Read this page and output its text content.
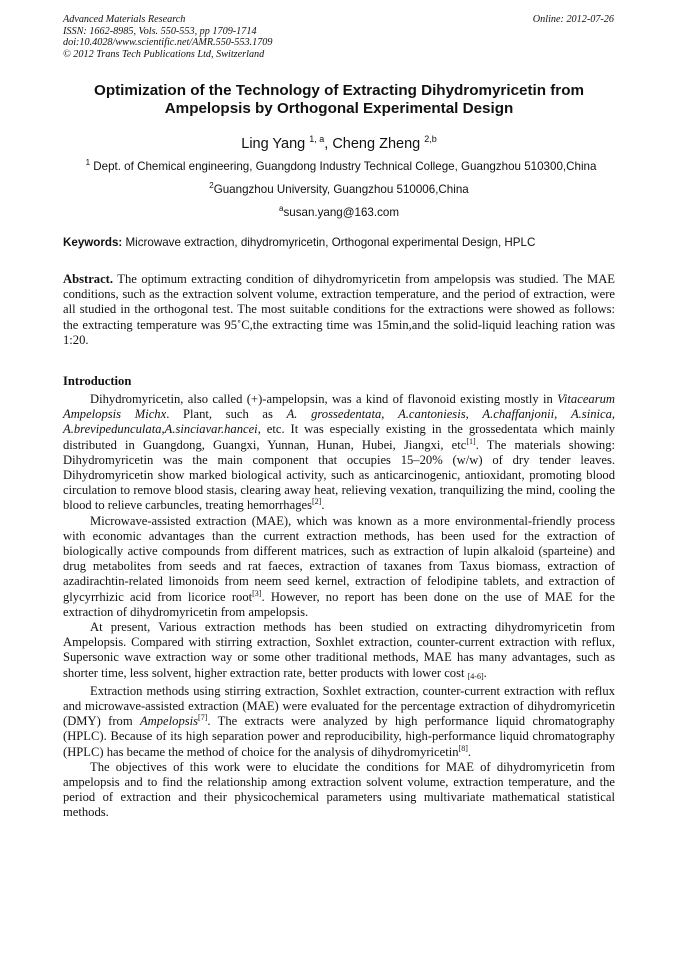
Advanced Materials Research
ISSN: 1662-8985, Vols. 550-553, pp 1709-1714
doi:10.4028/www.scientific.net/AMR.550-553.1709
© 2012 Trans Tech Publications Ltd, Switzerland
Online: 2012-07-26
Optimization of the Technology of Extracting Dihydromyricetin from
Ampelopsis by Orthogonal Experimental Design
Ling Yang $^{1, a}$, Cheng Zheng $^{2,b}$
$^1$ Dept. of Chemical engineering, Guangdong Industry Technical College, Guangzhou 510300,China
$^2$Guangzhou University, Guangzhou 510006,China
$^a$susan.yang@163.com
Keywords: Microwave extraction, dihydromyricetin, Orthogonal experimental Design, HPLC
Abstract. The optimum extracting condition of dihydromyricetin from ampelopsis was studied. The MAE conditions, such as the extraction solvent volume, extraction temperature, and the period of extraction, were all studied in the orthogonal test. The most suitable conditions for the extractions were showed as follows: the extracting temperature was 95˚C,the extracting time was 15min,and the solid-liquid leaching ration was 1:20.
Introduction

Dihydromyricetin, also called (+)-ampelopsin, was a kind of flavonoid existing mostly in Vitacearum Ampelopsis Michx. Plant, such as A. grossedentata, A.cantoniesis, A.chaffanjonii, A.sinica, A.brevipedunculata,A.sinciavar.hancei, etc. It was especially existing in the grossedentata which mainly distributed in Guangdong, Guangxi, Yunnan, Hunan, Hubei, Jiangxi, etc[1]. The materials showing: Dihydromyricetin was the main component that occupies 15–20% (w/w) of dry tender leaves. Dihydromyricetin show marked biological activity, such as anticarcinogenic, antioxidant, promoting blood circulation to remove blood stasis, clearing away heat, relieving vexation, tranquilizing the mind, cooling the blood to relieve carbuncles, treating hemorrhages[2].

Microwave-assisted extraction (MAE), which was known as a more environmental-friendly process with economic advantages than the current extraction methods, has been used for the extraction of biologically active compounds from different matrices, such as extraction of lupin alkaloid (sparteine) and drug metabolites from seeds and rat faeces, extraction of taxanes from Taxus biomass, extraction of azadirachtin-related limonoids from neem seed kernel, extraction of felodipine tablets, and extraction of glycyrrhizic acid from licorice root[3]. However, no report has been done on the use of MAE for the extraction of dihydromyricetin from ampelopsis.

At present, Various extraction methods has been studied on extracting dihydromyricetin from Ampelopsis. Compared with stirring extraction, Soxhlet extraction, counter-current extraction with reflux, Supersonic wave extraction way or some other traditional methods, MAE has many advantages, such as shorter time, less solvent, higher extraction rate, better products with lower cost [4-6].

Extraction methods using stirring extraction, Soxhlet extraction, counter-current extraction with reflux and microwave-assisted extraction (MAE) were evaluated for the percentage extraction of dihydromyricetin (DMY) from Ampelopsis[7]. The extracts were analyzed by high performance liquid chromatography (HPLC). Because of its high separation power and reproducibility, high-performance liquid chromatography (HPLC) has became the method of choice for the analysis of dihydromyricetin[8].

The objectives of this work were to elucidate the conditions for MAE of dihydromyricetin from ampelopsis and to find the relationship among extraction solvent volume, extraction temperature, and the period of extraction and their physicochemical parameters using multivariate mathematical statistical methods.
